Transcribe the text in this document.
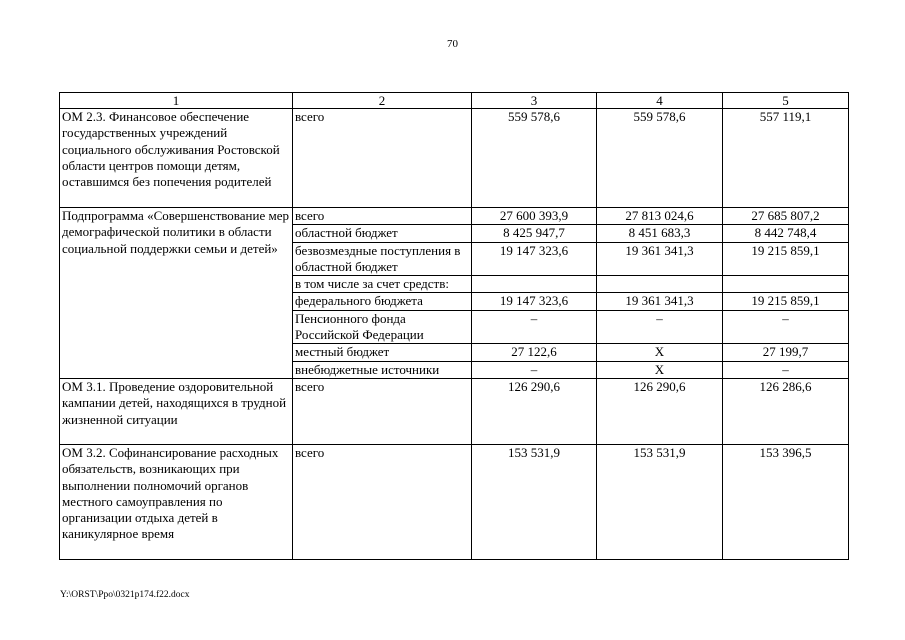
70
1	2	3	4	5
ОМ 2.3. Финансовое обеспечение государственных учреждений социального обслуживания Ростовской области центров помощи детям, оставшимся без попечения родителей	всего	559 578,6	559 578,6	557 119,1
Подпрограмма «Совершенствование мер демографической политики в области социальной поддержки семьи и детей»	всего	27 600 393,9	27 813 024,6	27 685 807,2
	областной бюджет	8 425 947,7	8 451 683,3	8 442 748,4
	безвозмездные поступления в областной бюджет	19 147 323,6	19 361 341,3	19 215 859,1
	в том числе за счет средств:			
	федерального бюджета	19 147 323,6	19 361 341,3	19 215 859,1
	Пенсионного фонда Российской Федерации	–	–	–
	местный бюджет	27 122,6	Х	27 199,7
	внебюджетные источники	–	Х	–
ОМ 3.1. Проведение оздоровительной кампании детей, находящихся в трудной жизненной ситуации	всего	126 290,6	126 290,6	126 286,6
ОМ 3.2. Софинансирование расходных обязательств, возникающих при выполнении полномочий органов местного самоуправления по организации отдыха детей в каникулярное время	всего	153 531,9	153 531,9	153 396,5
Y:\ORST\Ppo\0321p174.f22.docx
